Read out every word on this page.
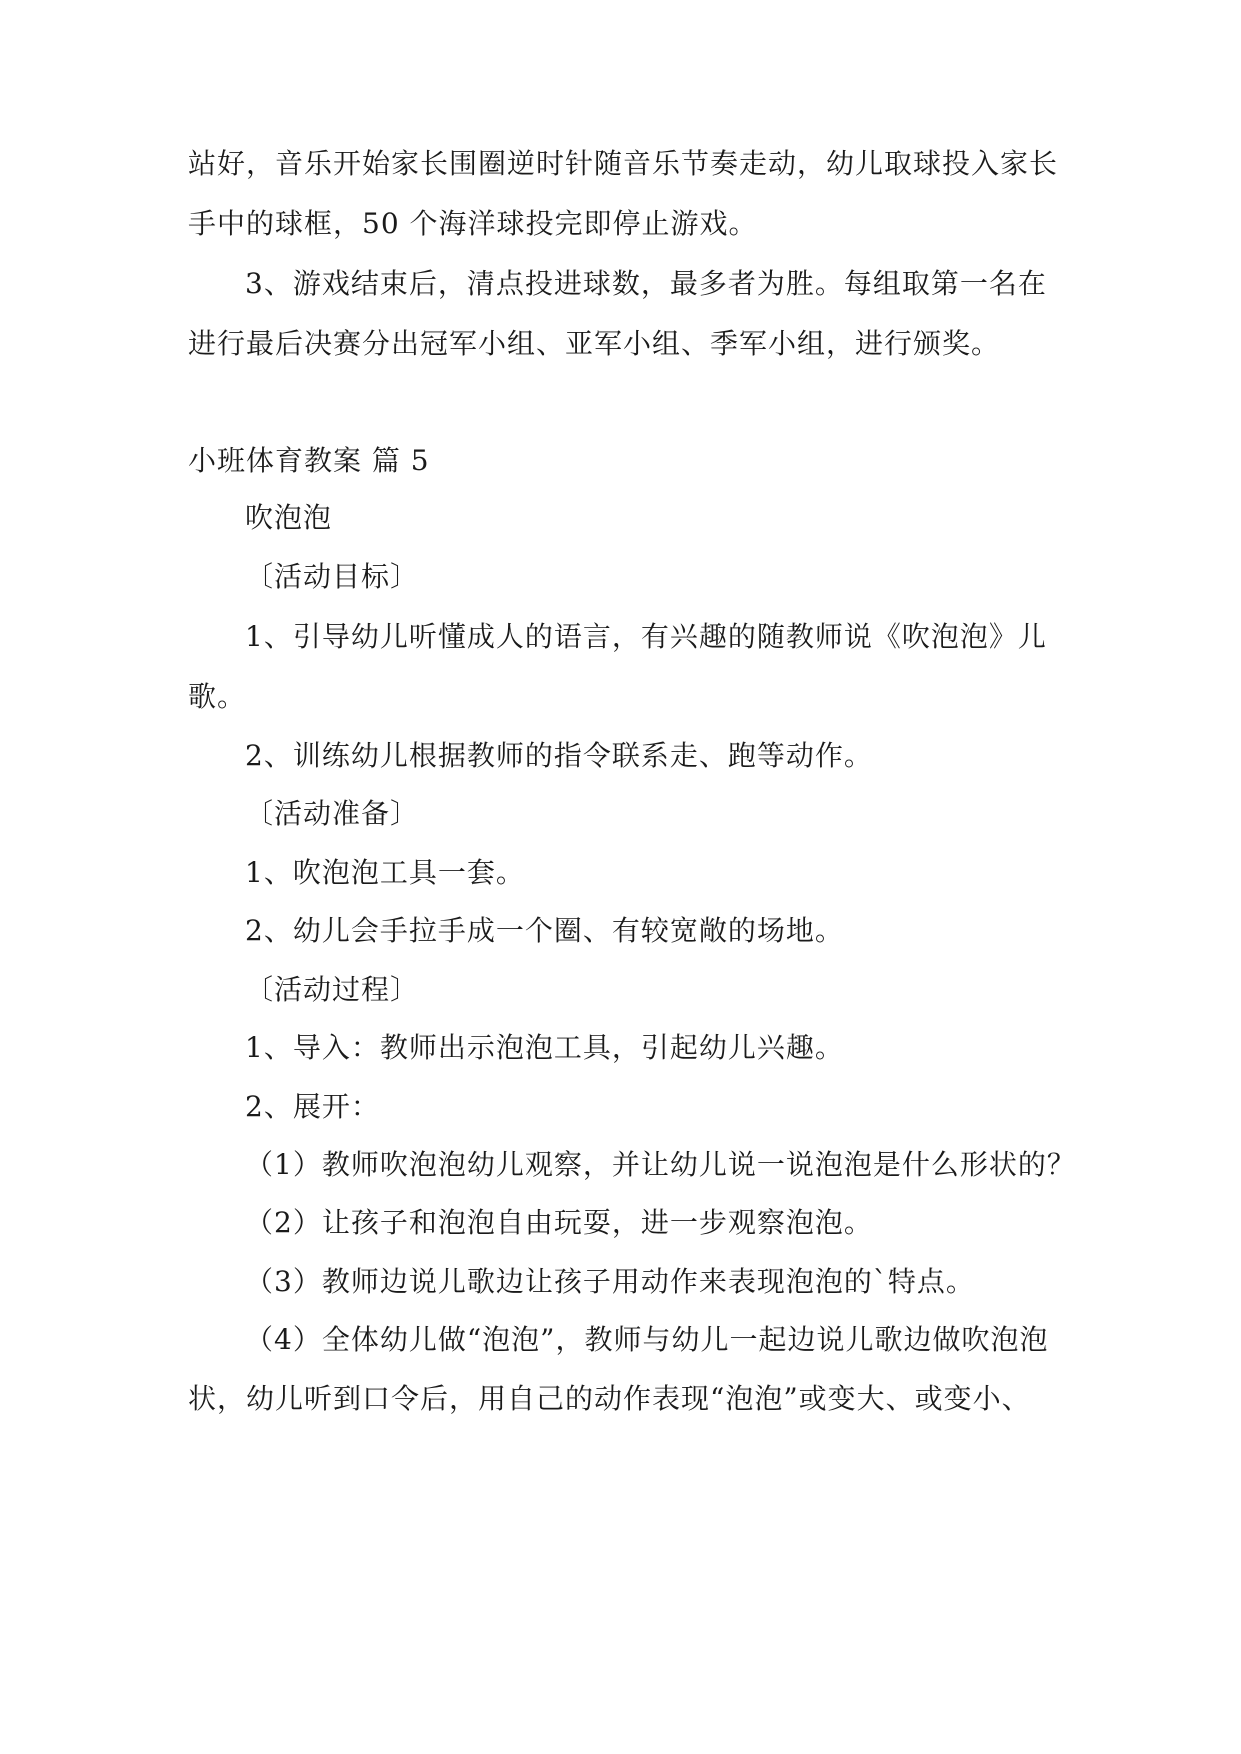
站好，音乐开始家长围圈逆时针随音乐节奏走动，幼儿取球投入家长
手中的球框，50 个海洋球投完即停止游戏。
3、游戏结束后，清点投进球数，最多者为胜。每组取第一名在
进行最后决赛分出冠军小组、亚军小组、季军小组，进行颁奖。
小班体育教案 篇 5
吹泡泡
〔活动目标〕
1、引导幼儿听懂成人的语言，有兴趣的随教师说《吹泡泡》儿
歌。
2、训练幼儿根据教师的指令联系走、跑等动作。
〔活动准备〕
1、吹泡泡工具一套。
2、幼儿会手拉手成一个圈、有较宽敞的场地。
〔活动过程〕
1、导入：教师出示泡泡工具，引起幼儿兴趣。
2、展开：
（1）教师吹泡泡幼儿观察，并让幼儿说一说泡泡是什么形状的？
（2）让孩子和泡泡自由玩耍，进一步观察泡泡。
（3）教师边说儿歌边让孩子用动作来表现泡泡的`特点。
（4）全体幼儿做“泡泡”，教师与幼儿一起边说儿歌边做吹泡泡
状，幼儿听到口令后，用自己的动作表现“泡泡”或变大、或变小、
